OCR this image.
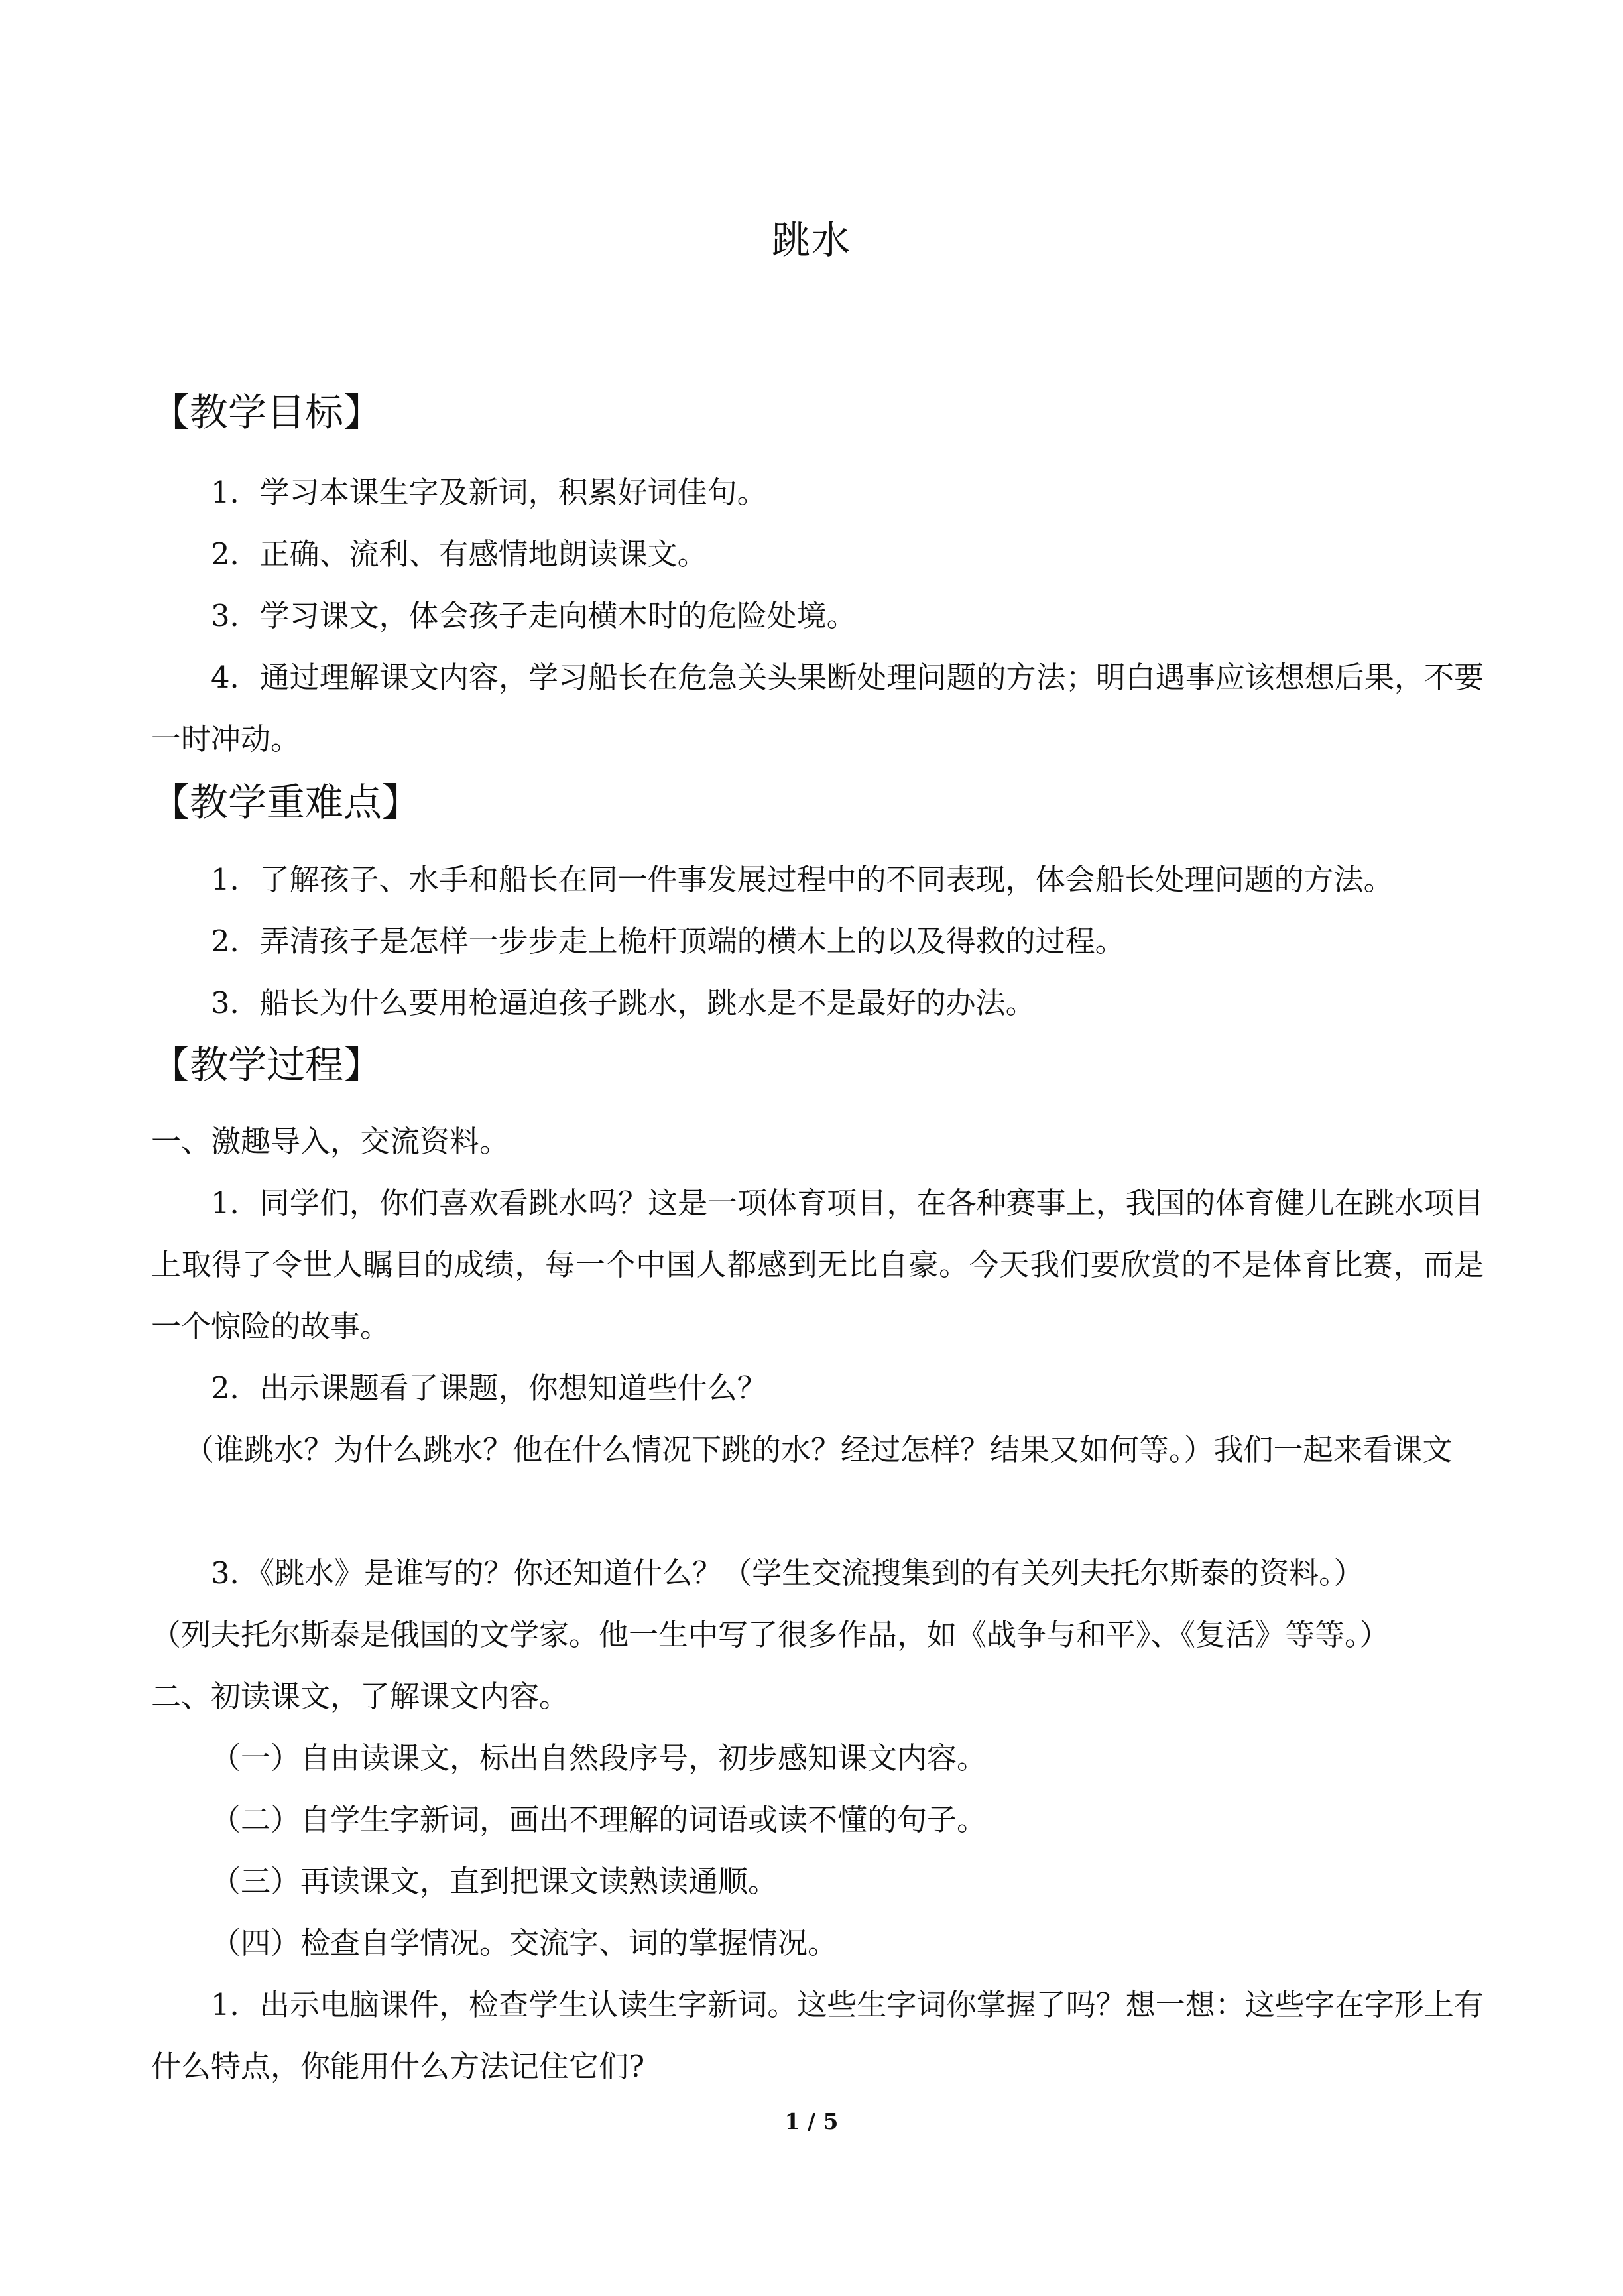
跳水
【教学目标】
1．学习本课生字及新词，积累好词佳句。
2．正确、流利、有感情地朗读课文。
3．学习课文，体会孩子走向横木时的危险处境。
4．通过理解课文内容，学习船长在危急关头果断处理问题的方法；明白遇事应该想想后果，不要一时冲动。
【教学重难点】
1．了解孩子、水手和船长在同一件事发展过程中的不同表现，体会船长处理问题的方法。
2．弄清孩子是怎样一步步走上桅杆顶端的横木上的以及得救的过程。
3．船长为什么要用枪逼迫孩子跳水，跳水是不是最好的办法。
【教学过程】
一、激趣导入，交流资料。
1．同学们，你们喜欢看跳水吗？这是一项体育项目，在各种赛事上，我国的体育健儿在跳水项目上取得了令世人瞩目的成绩，每一个中国人都感到无比自豪。今天我们要欣赏的不是体育比赛，而是一个惊险的故事。
2．出示课题看了课题，你想知道些什么？
（谁跳水？为什么跳水？他在什么情况下跳的水？经过怎样？结果又如何等。）我们一起来看课文
3．《跳水》是谁写的？你还知道什么？（学生交流搜集到的有关列夫托尔斯泰的资料。）
（列夫托尔斯泰是俄国的文学家。他一生中写了很多作品，如《战争与和平》、《复活》等等。）
二、初读课文，了解课文内容。
（一）自由读课文，标出自然段序号，初步感知课文内容。
（二）自学生字新词，画出不理解的词语或读不懂的句子。
（三）再读课文，直到把课文读熟读通顺。
（四）检查自学情况。交流字、词的掌握情况。
1．出示电脑课件，检查学生认读生字新词。这些生字词你掌握了吗？想一想：这些字在字形上有什么特点，你能用什么方法记住它们?
1 / 5
